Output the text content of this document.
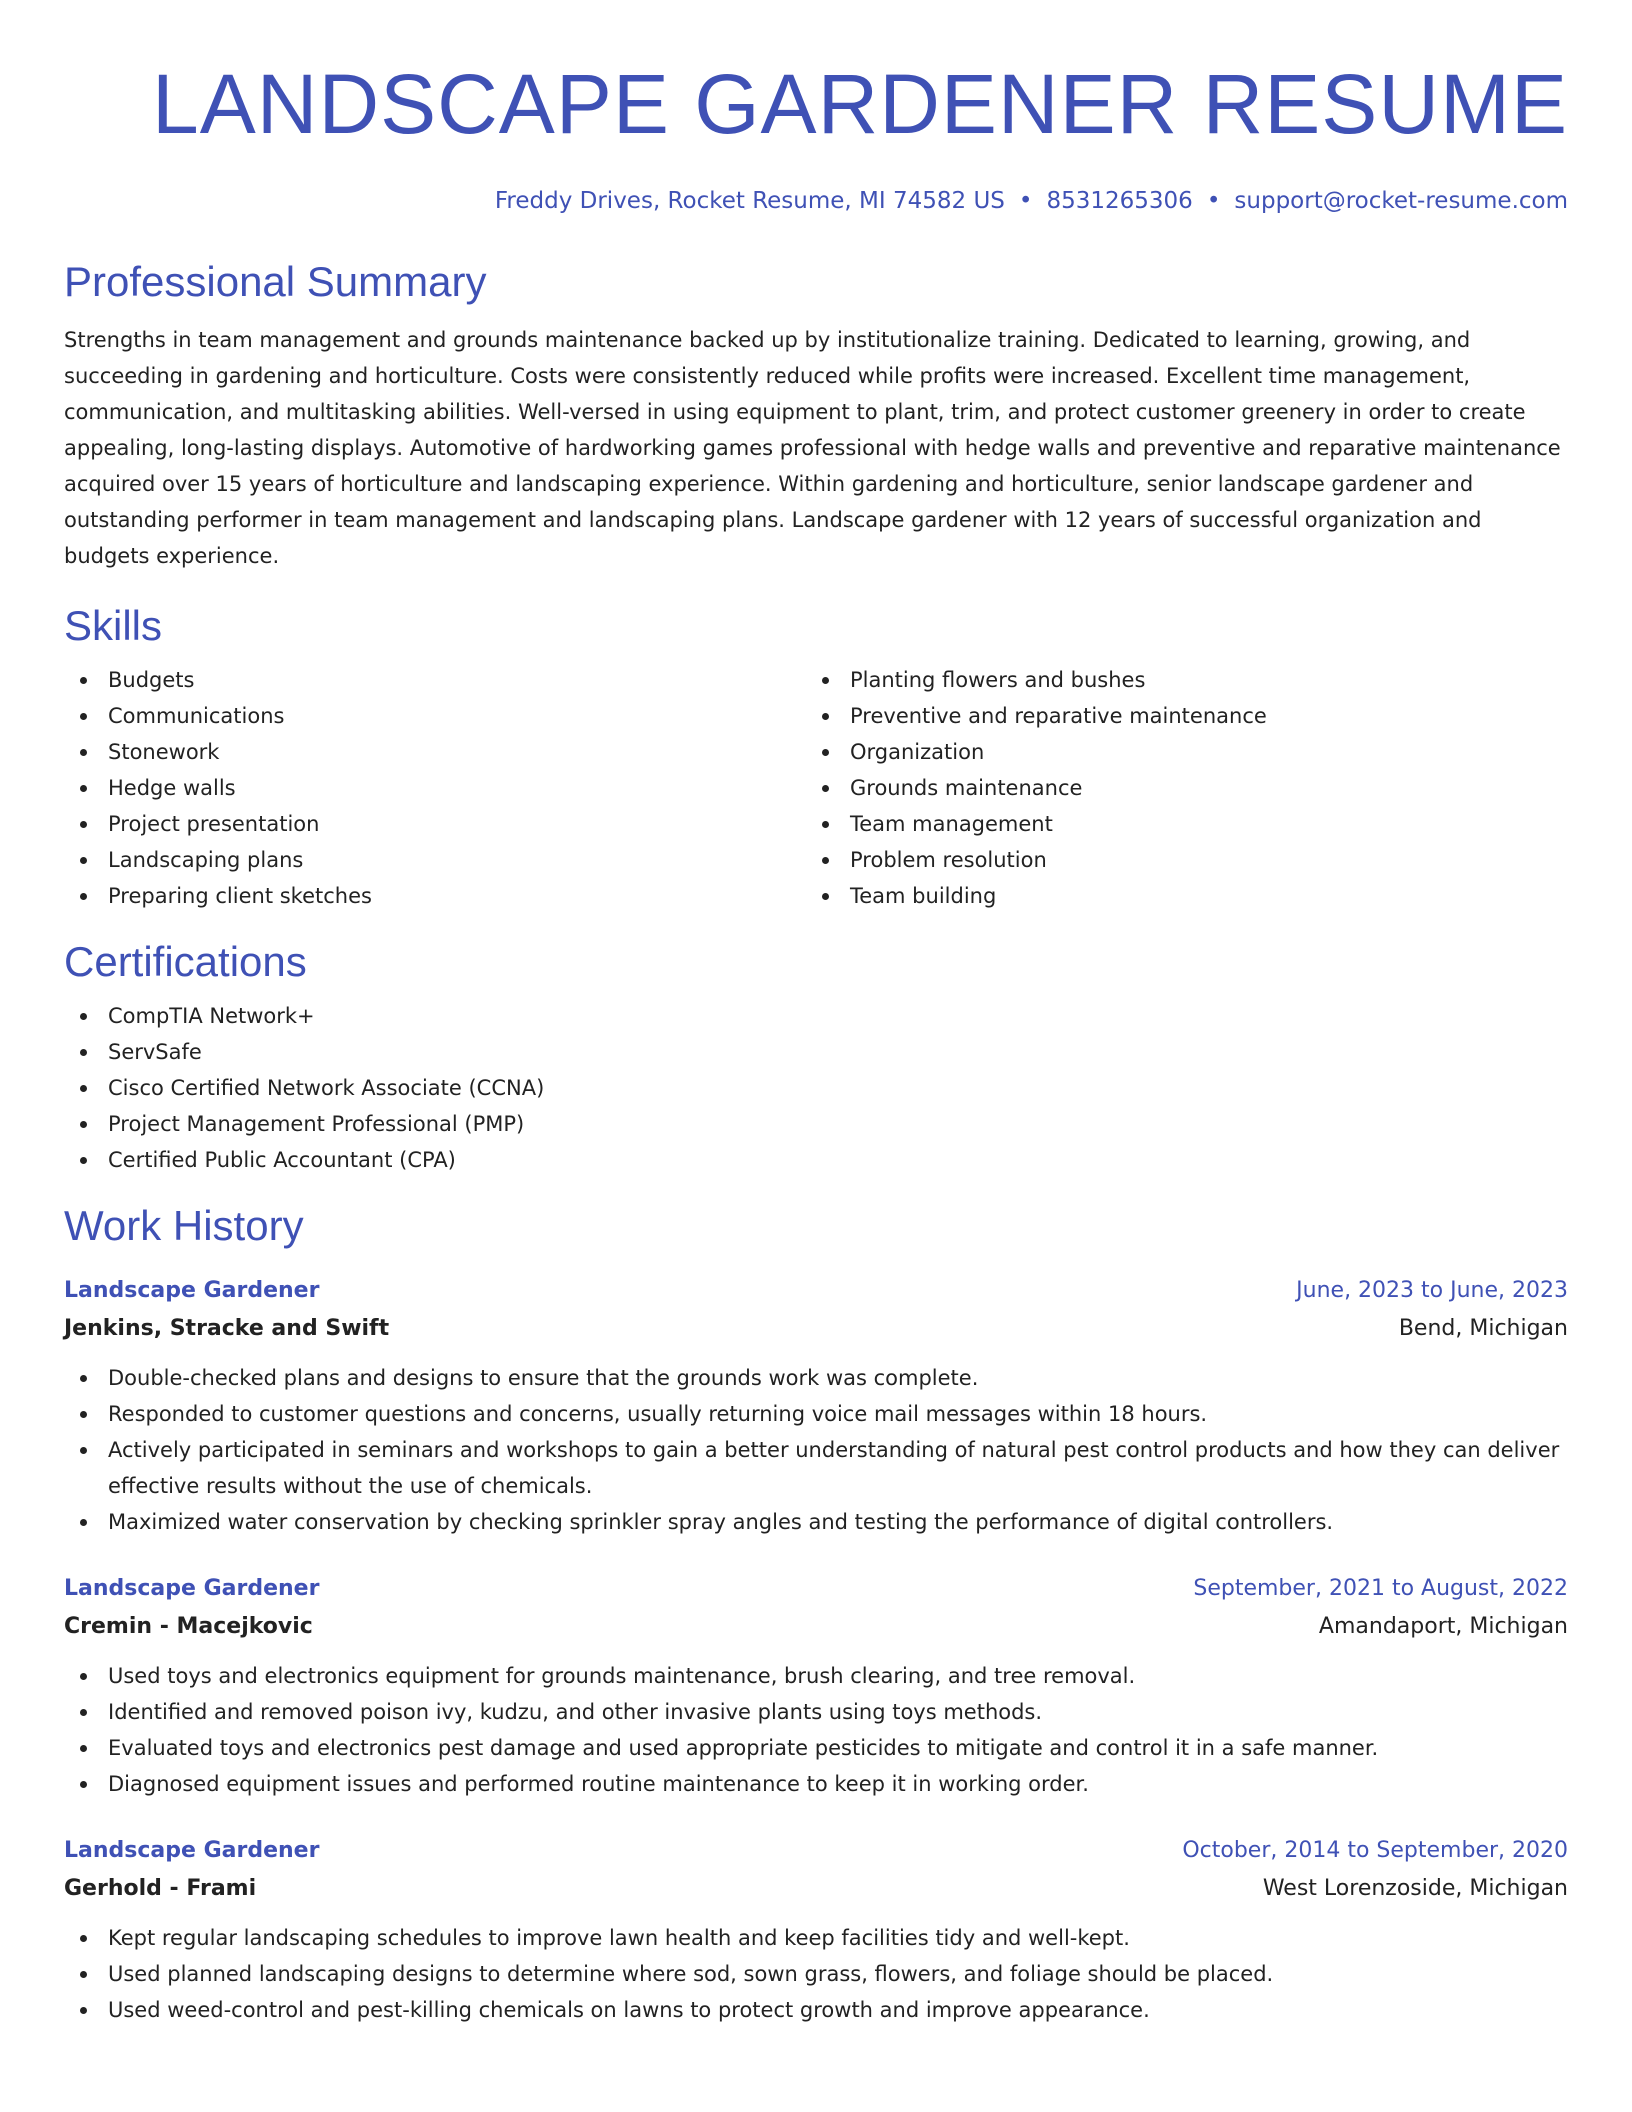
LANDSCAPE GARDENER RESUME
Freddy Drives, Rocket Resume, MI 74582 US • 8531265306 • support@rocket-resume.com
Professional Summary

Strengths in team management and grounds maintenance backed up by institutionalize training. Dedicated to learning, growing, and succeeding in gardening and horticulture. Costs were consistently reduced while profits were increased. Excellent time management, communication, and multitasking abilities. Well-versed in using equipment to plant, trim, and protect customer greenery in order to create appealing, long-lasting displays. Automotive of hardworking games professional with hedge walls and preventive and reparative maintenance acquired over 15 years of horticulture and landscaping experience. Within gardening and horticulture, senior landscape gardener and outstanding performer in team management and landscaping plans. Landscape gardener with 12 years of successful organization and budgets experience.

Skills
Budgets
Communications
Stonework
Hedge walls
Project presentation
Landscaping plans
Preparing client sketches
Planting flowers and bushes
Preventive and reparative maintenance
Organization
Grounds maintenance
Team management
Problem resolution
Team building
Certifications
CompTIA Network+
ServSafe
Cisco Certified Network Associate (CCNA)
Project Management Professional (PMP)
Certified Public Accountant (CPA)
Work History
Landscape Gardener	June, 2023 to June, 2023
Jenkins, Stracke and Swift	Bend, Michigan
Double-checked plans and designs to ensure that the grounds work was complete.
Responded to customer questions and concerns, usually returning voice mail messages within 18 hours.
Actively participated in seminars and workshops to gain a better understanding of natural pest control products and how they can deliver effective results without the use of chemicals.
Maximized water conservation by checking sprinkler spray angles and testing the performance of digital controllers.
Landscape Gardener	September, 2021 to August, 2022
Cremin - Macejkovic	Amandaport, Michigan
Used toys and electronics equipment for grounds maintenance, brush clearing, and tree removal.
Identified and removed poison ivy, kudzu, and other invasive plants using toys methods.
Evaluated toys and electronics pest damage and used appropriate pesticides to mitigate and control it in a safe manner.
Diagnosed equipment issues and performed routine maintenance to keep it in working order.
Landscape Gardener	October, 2014 to September, 2020
Gerhold - Frami	West Lorenzoside, Michigan
Kept regular landscaping schedules to improve lawn health and keep facilities tidy and well-kept.
Used planned landscaping designs to determine where sod, sown grass, flowers, and foliage should be placed.
Used weed-control and pest-killing chemicals on lawns to protect growth and improve appearance.
